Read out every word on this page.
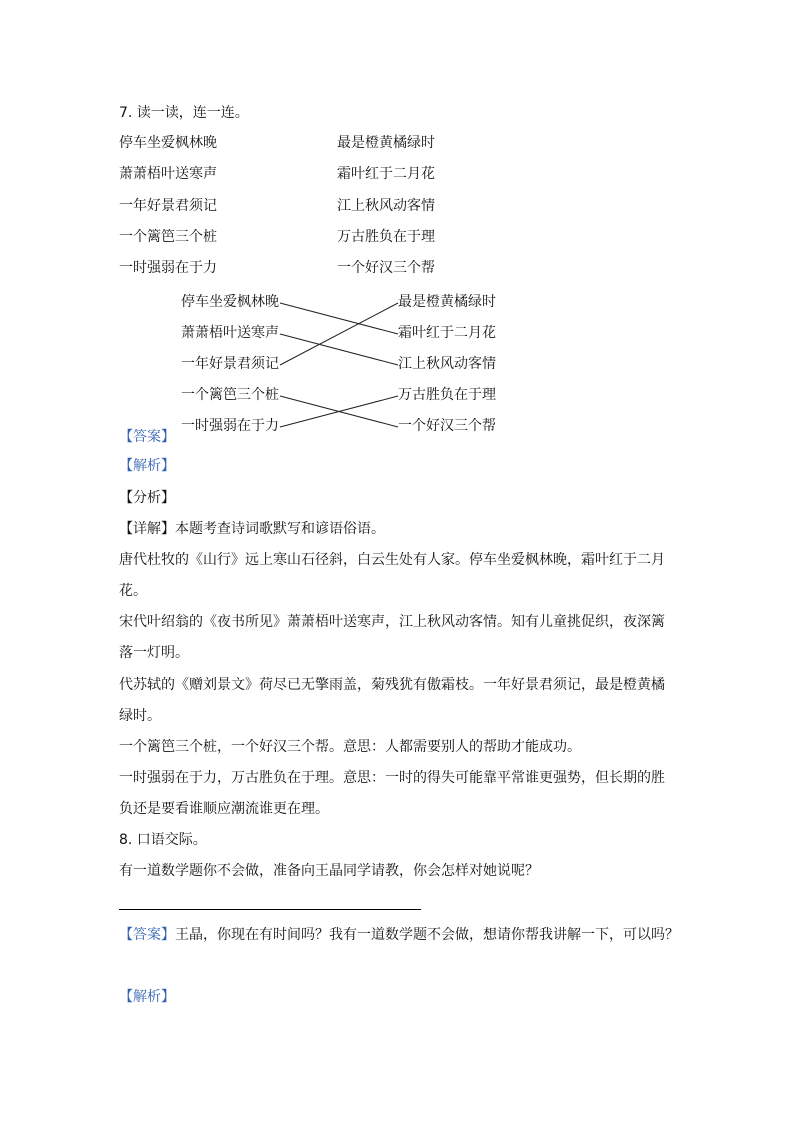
7. 读一读，连一连。
停车坐爱枫林晚
萧萧梧叶送寒声
一年好景君须记
一个篱笆三个桩
一时强弱在于力
最是橙黄橘绿时
霜叶红于二月花
江上秋风动客情
万古胜负在于理
一个好汉三个帮
停车坐爱枫林晚
萧萧梧叶送寒声
一年好景君须记
一个篱笆三个桩
一时强弱在于力
最是橙黄橘绿时
霜叶红于二月花
江上秋风动客情
万古胜负在于理
一个好汉三个帮
【答案】
【解析】
【分析】
【详解】本题考查诗词歌默写和谚语俗语。
唐代杜牧的《山行》远上寒山石径斜，白云生处有人家。停车坐爱枫林晚，霜叶红于二月
花。
宋代叶绍翁的《夜书所见》萧萧梧叶送寒声，江上秋风动客情。知有儿童挑促织，夜深篱
落一灯明。
代苏轼的《赠刘景文》荷尽已无擎雨盖，菊残犹有傲霜枝。一年好景君须记，最是橙黄橘
绿时。
一个篱笆三个桩，一个好汉三个帮。意思：人都需要别人的帮助才能成功。
一时强弱在于力，万古胜负在于理。意思：一时的得失可能靠平常谁更强势，但长期的胜
负还是要看谁顺应潮流谁更在理。
8. 口语交际。
有一道数学题你不会做，准备向王晶同学请教，你会怎样对她说呢？
【答案】王晶，你现在有时间吗？我有一道数学题不会做，想请你帮我讲解一下，可以吗？
【解析】
